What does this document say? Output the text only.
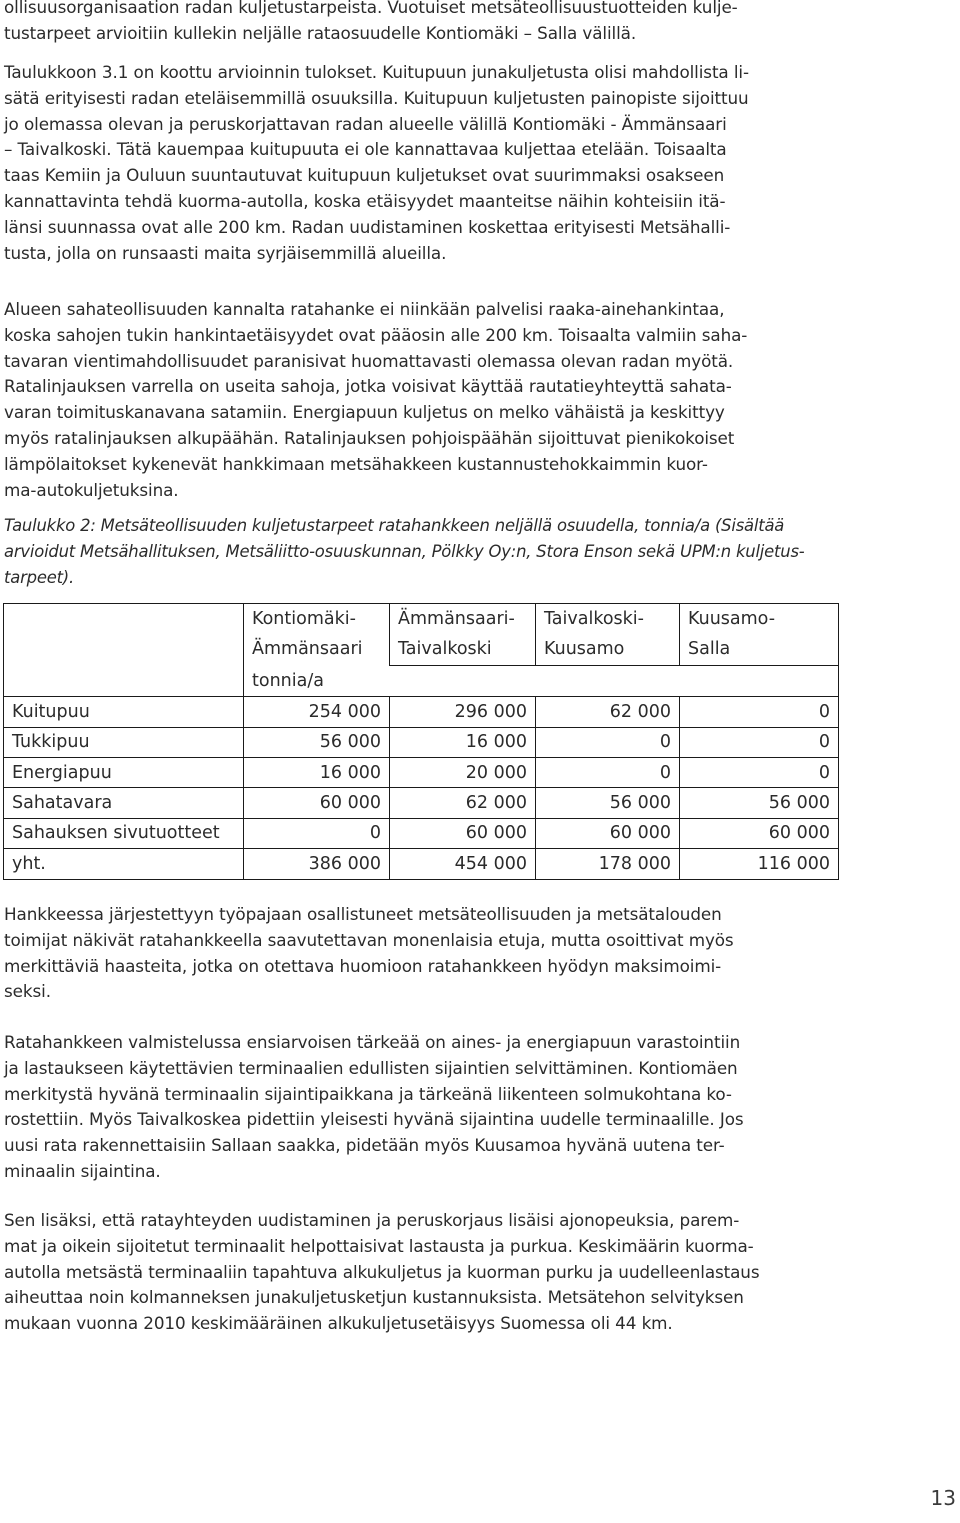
ollisuusorganisaation radan kuljetustarpeista. Vuotuiset metsäteollisuustuotteiden kulje-

tustarpeet arvioitiin kullekin neljälle rataosuudelle Kontiomäki – Salla välillä.

Taulukkoon 3.1 on koottu arvioinnin tulokset. Kuitupuun junakuljetusta olisi mahdollista li-

sätä erityisesti radan eteläisemmillä osuuksilla. Kuitupuun kuljetusten painopiste sijoittuu

jo olemassa olevan ja peruskorjattavan radan alueelle välillä Kontiomäki - Ämmänsaari

– Taivalkoski. Tätä kauempaa kuitupuuta ei ole kannattavaa kuljettaa etelään. Toisaalta

taas Kemiin ja Ouluun suuntautuvat kuitupuun kuljetukset ovat suurimmaksi osakseen

kannattavinta tehdä kuorma-autolla, koska etäisyydet maanteitse näihin kohteisiin itä-

länsi suunnassa ovat alle 200 km. Radan uudistaminen koskettaa erityisesti Metsähalli-

tusta, jolla on runsaasti maita syrjäisemmillä alueilla.

Alueen sahateollisuuden kannalta ratahanke ei niinkään palvelisi raaka-ainehankintaa,

koska sahojen tukin hankintaetäisyydet ovat pääosin alle 200 km. Toisaalta valmiin saha-

tavaran vientimahdollisuudet paranisivat huomattavasti olemassa olevan radan myötä.

Ratalinjauksen varrella on useita sahoja, jotka voisivat käyttää rautatieyhteyttä sahata-

varan toimituskanavana satamiin. Energiapuun kuljetus on melko vähäistä ja keskittyy

myös ratalinjauksen alkupäähän. Ratalinjauksen pohjoispäähän sijoittuvat pienikokoiset

lämpölaitokset kykenevät hankkimaan metsähakkeen kustannustehokkaimmin kuor-

ma-autokuljetuksina.

Taulukko 2: Metsäteollisuuden kuljetustarpeet ratahankkeen neljällä osuudella, tonnia/a (Sisältää

arvioidut Metsähallituksen, Metsäliitto-osuuskunnan, Pölkky Oy:n, Stora Enson sekä UPM:n kuljetus-

tarpeet).

Hankkeessa järjestettyyn työpajaan osallistuneet metsäteollisuuden ja metsätalouden

toimijat näkivät ratahankkeella saavutettavan monenlaisia etuja, mutta osoittivat myös

merkittäviä haasteita, jotka on otettava huomioon ratahankkeen hyödyn maksimoimi-

seksi.

Ratahankkeen valmistelussa ensiarvoisen tärkeää on aines- ja energiapuun varastointiin

ja lastaukseen käytettävien terminaalien edullisten sijaintien selvittäminen. Kontiomäen

merkitystä hyvänä terminaalin sijaintipaikkana ja tärkeänä liikenteen solmukohtana ko-

rostettiin. Myös Taivalkoskea pidettiin yleisesti hyvänä sijaintina uudelle terminaalille. Jos

uusi rata rakennettaisiin Sallaan saakka, pidetään myös Kuusamoa hyvänä uutena ter-

minaalin sijaintina.

Sen lisäksi, että ratayhteyden uudistaminen ja peruskorjaus lisäisi ajonopeuksia, parem-

mat ja oikein sijoitetut terminaalit helpottaisivat lastausta ja purkua. Keskimäärin kuorma-

autolla metsästä terminaaliin tapahtuva alkukuljetus ja kuorman purku ja uudelleenlastaus

aiheuttaa noin kolmanneksen junakuljetusketjun kustannuksista. Metsätehon selvityksen

mukaan vuonna 2010 keskimääräinen alkukuljetusetäisyys Suomessa oli 44 km.

	Kontiomäki-	Ämmänsaari-	Taivalkoski-	Kuusamo-
	Ämmänsaari	Taivalkoski	Kuusamo	Salla
	tonnia/a			
Kuitupuu	254 000	296 000	62 000	0
Tukkipuu	56 000	16 000	0	0
Energiapuu	16 000	20 000	0	0
Sahatavara	60 000	62 000	56 000	56 000
Sahauksen sivutuotteet	0	60 000	60 000	60 000
yht.	386 000	454 000	178 000	116 000
13
